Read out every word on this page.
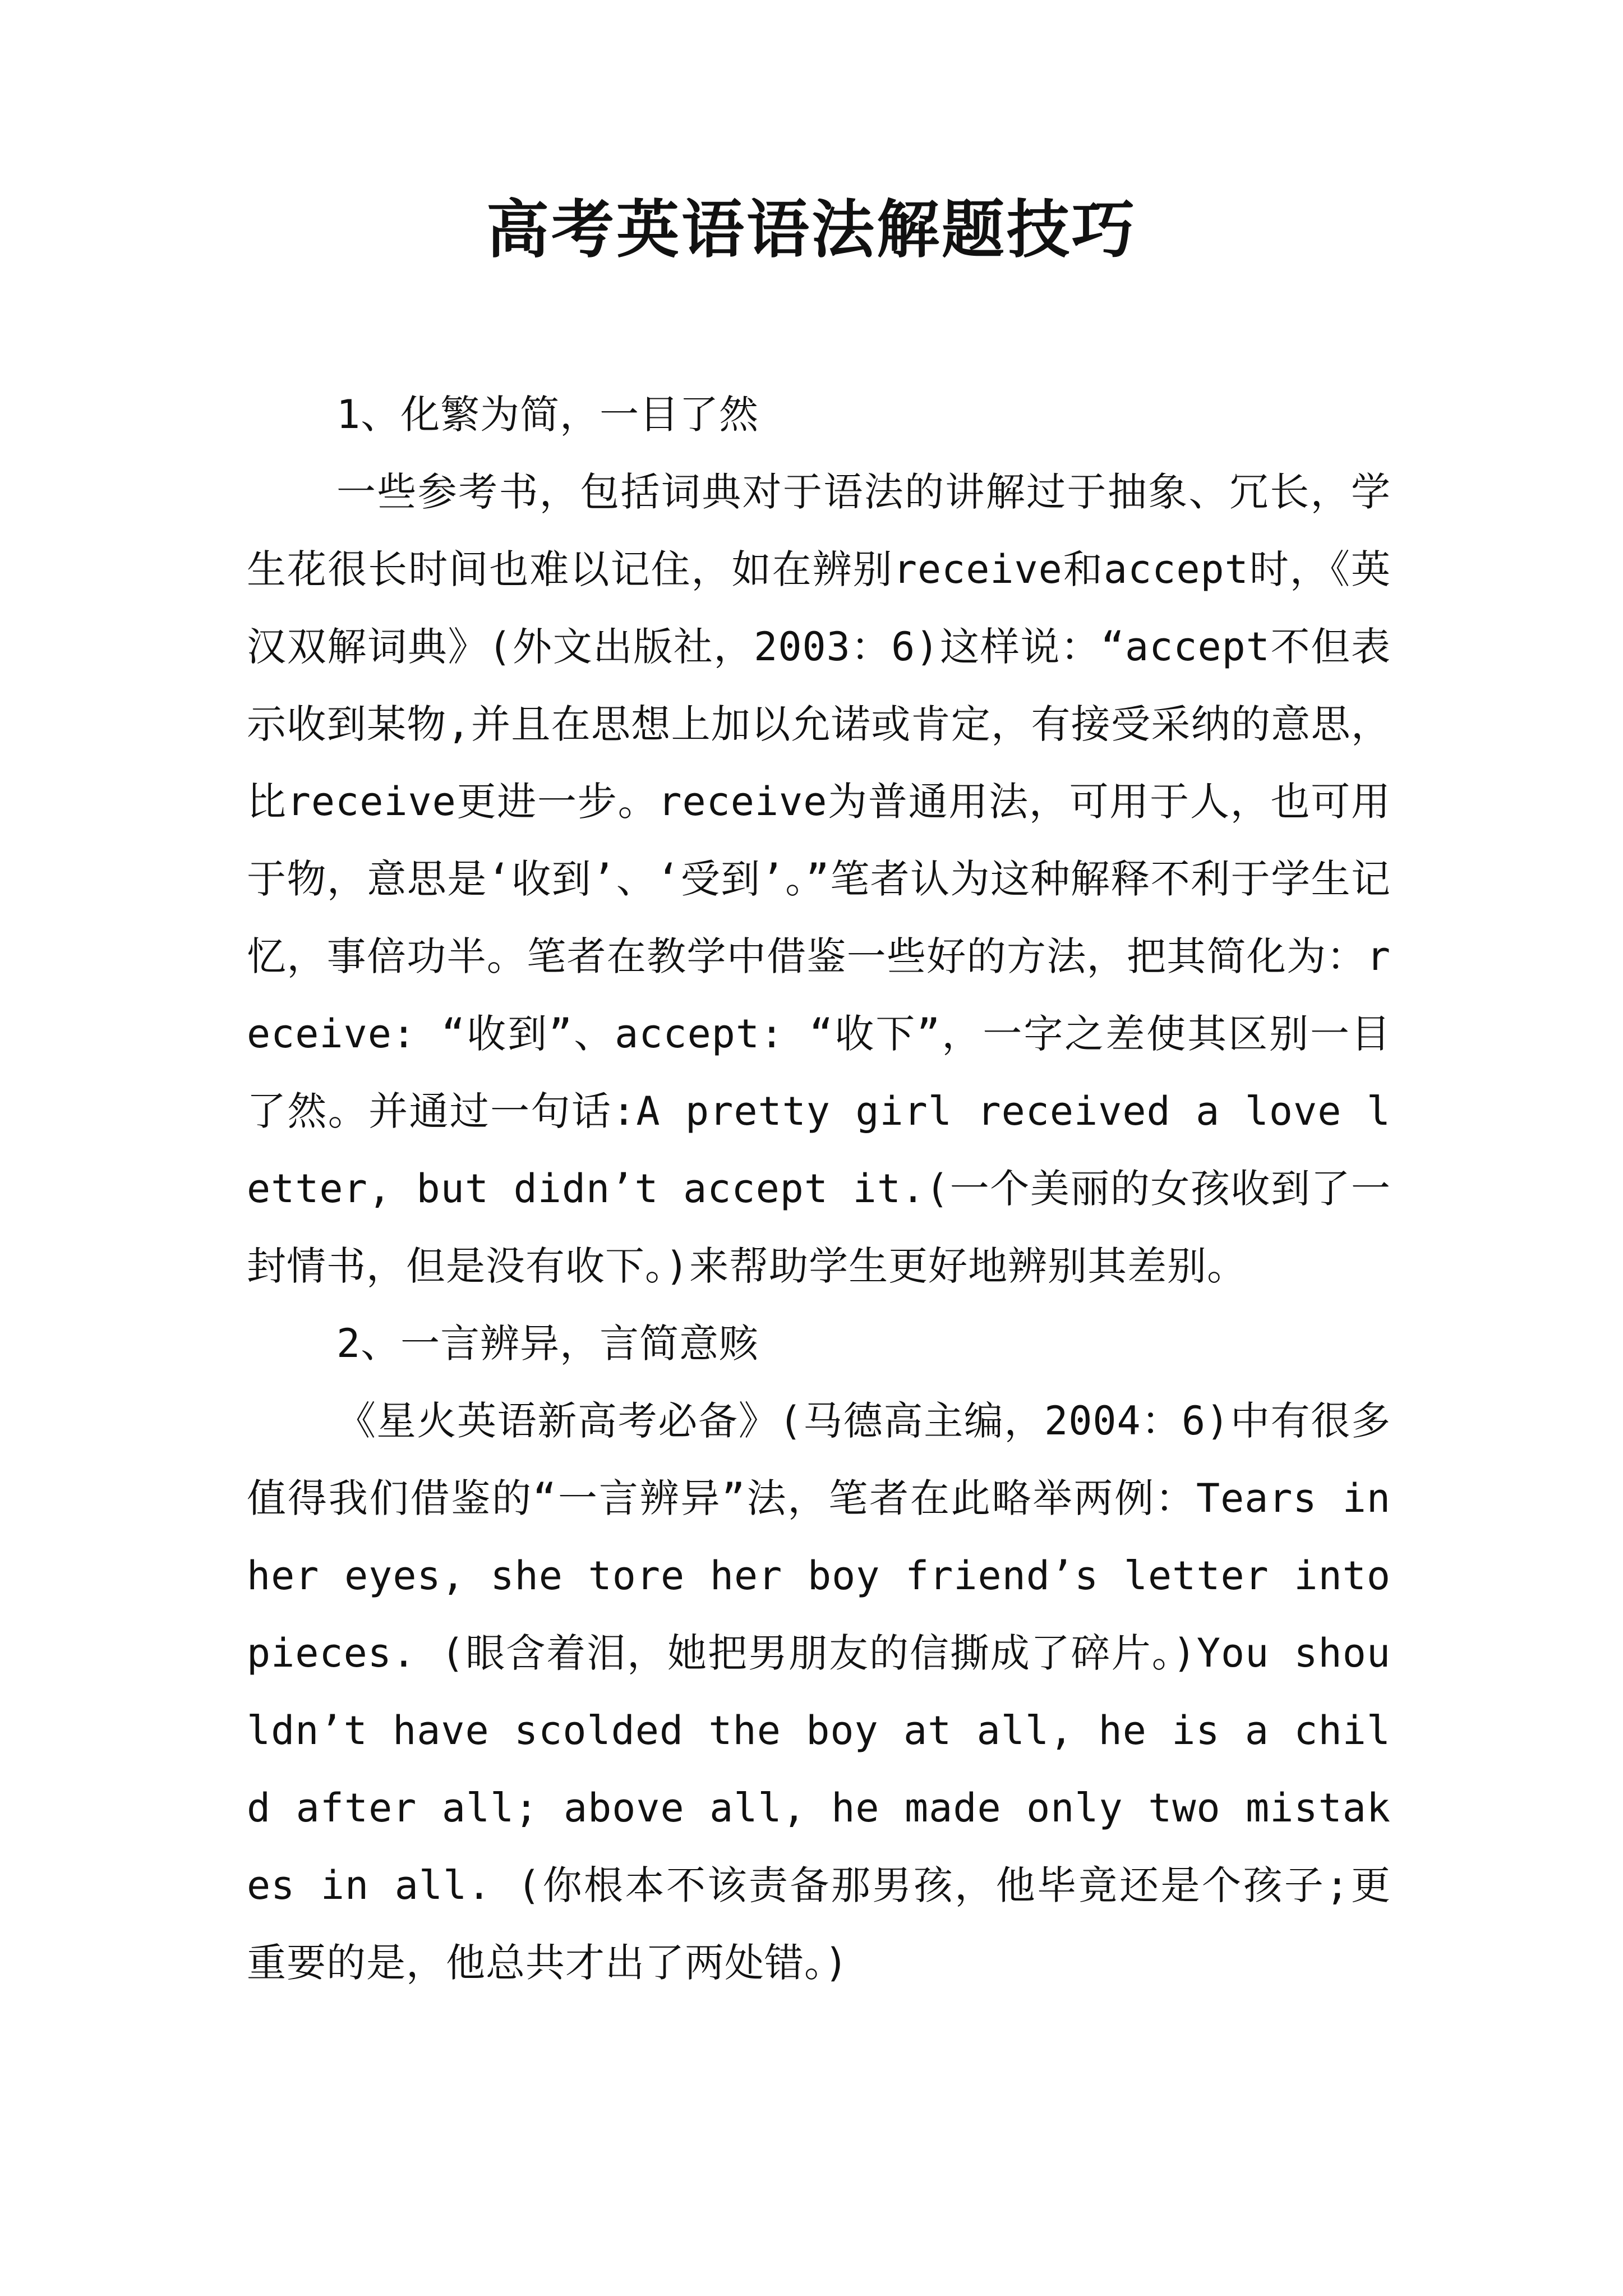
高考英语语法解题技巧

1、化繁为简，一目了然

一些参考书，包括词典对于语法的讲解过于抽象、冗长，学生花很长时间也难以记住，如在辨别receive和accept时，《英汉双解词典》(外文出版社，2003：6)这样说：“accept不但表示收到某物,并且在思想上加以允诺或肯定，有接受采纳的意思，比receive更进一步。receive为普通用法，可用于人，也可用于物，意思是‘收到’、‘受到’。”笔者认为这种解释不利于学生记忆，事倍功半。笔者在教学中借鉴一些好的方法，把其简化为：receive: “收到”、accept: “收下”，一字之差使其区别一目了然。并通过一句话:A pretty girl received a love letter, but didn’t accept it.(一个美丽的女孩收到了一封情书，但是没有收下。)来帮助学生更好地辨别其差别。

2、一言辨异，言简意赅

《星火英语新高考必备》(马德高主编，2004：6)中有很多值得我们借鉴的“一言辨异”法，笔者在此略举两例：Tears in her eyes, she tore her boy friend’s letter into pieces. (眼含着泪，她把男朋友的信撕成了碎片。)You shouldn’t have scolded the boy at all, he is a child after all; above all, he made only two mistakes in all. (你根本不该责备那男孩，他毕竟还是个孩子;更重要的是，他总共才出了两处错。)
